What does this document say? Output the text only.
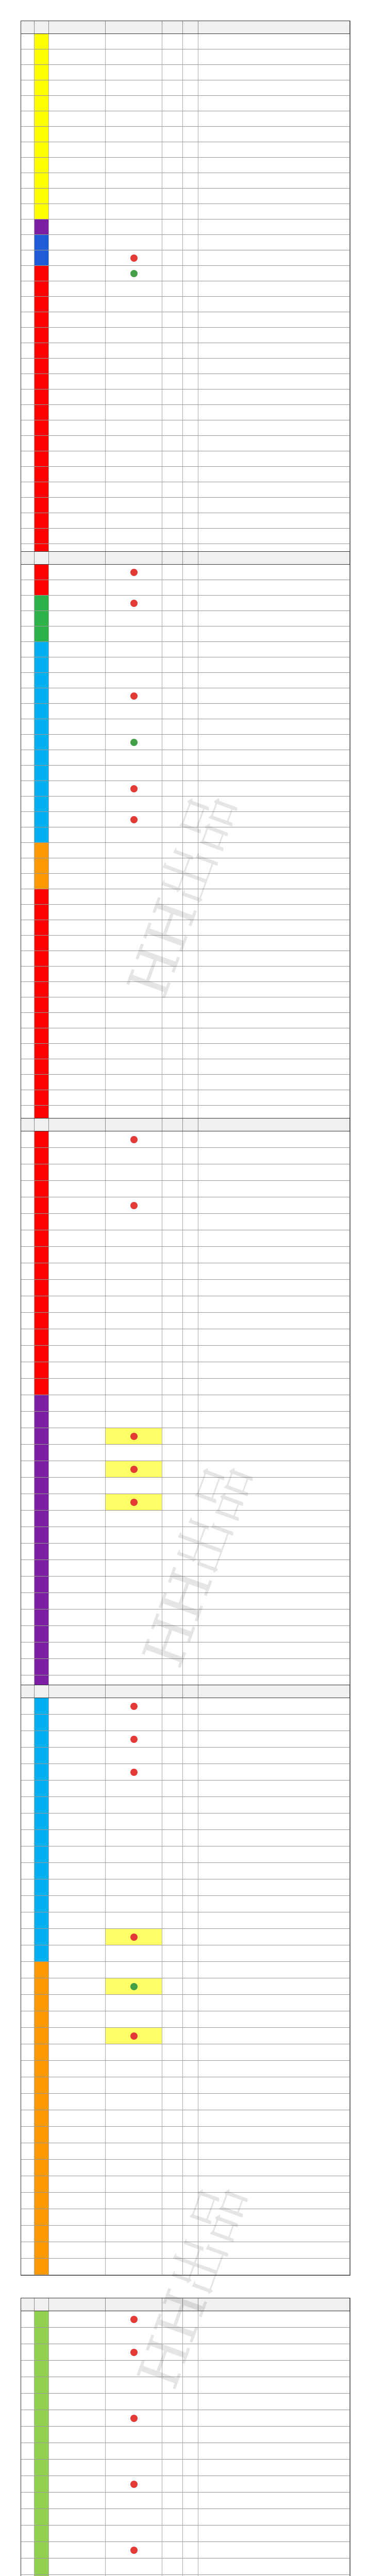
HH出品
